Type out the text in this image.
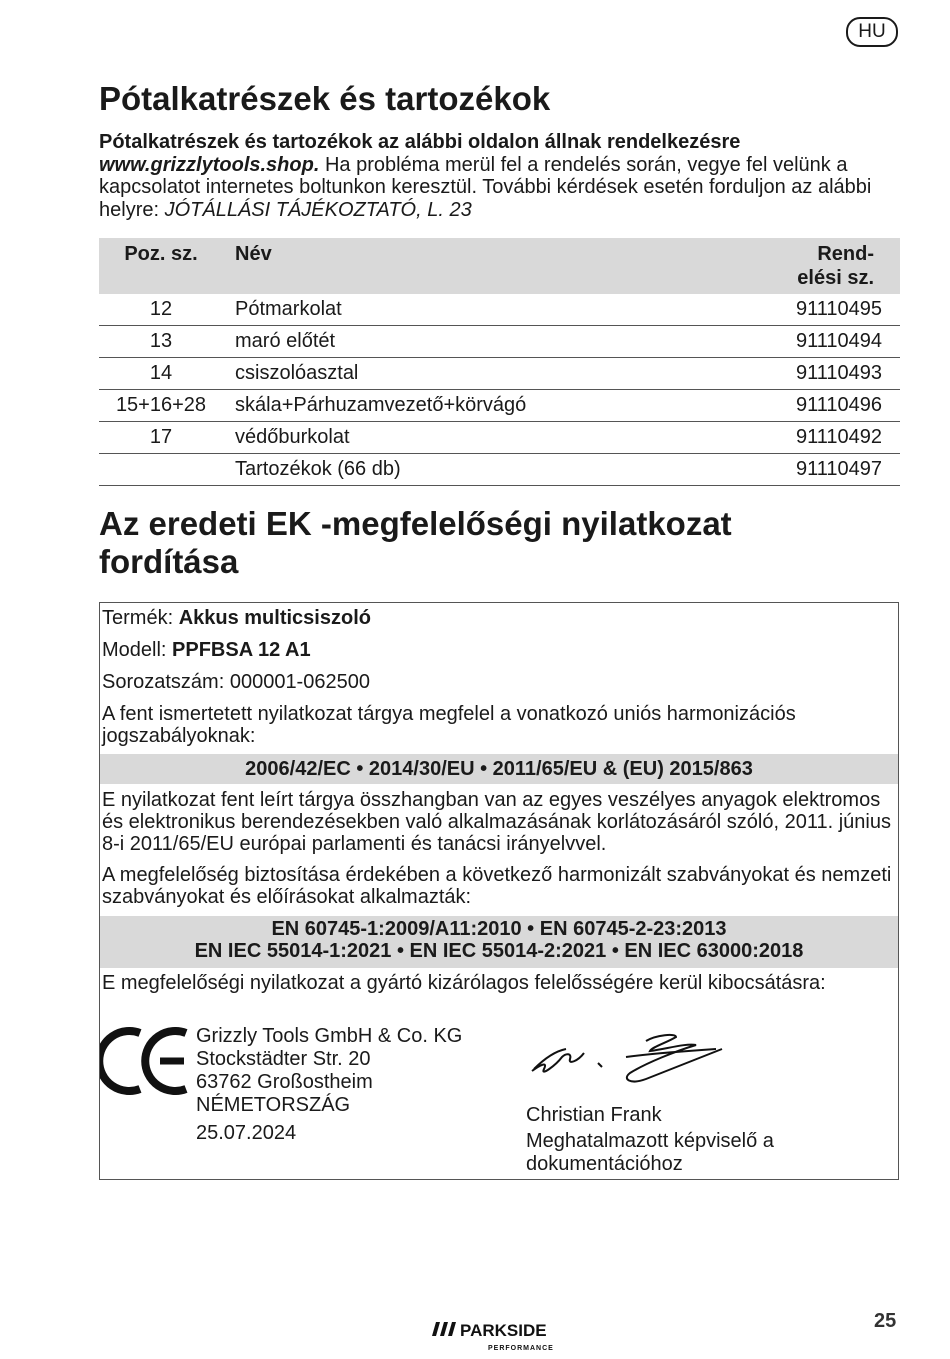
HU
Pótalkatrészek és tartozékok
Pótalkatrészek és tartozékok az alábbi oldalon állnak rendelkezésre
www.grizzlytools.shop. Ha probléma merül fel a rendelés során, vegye fel velünk a kapcsolatot internetes boltunkon keresztül. További kérdések esetén forduljon az alábbi helyre: JÓTÁLLÁSI TÁJÉKOZTATÓ, L. 23
Poz. sz.	Név	Rend-
elési sz.
12	Pótmarkolat	91110495
13	maró előtét	91110494
14	csiszolóasztal	91110493
15+16+28	skála+Párhuzamvezető+körvágó	91110496
17	védőburkolat	91110492
	Tartozékok (66 db)	91110497
Az eredeti EK -megfelelőségi nyilatkozat
fordítása
Termék: Akkus multicsiszoló
Modell: PPFBSA 12 A1
Sorozatszám: 000001-062500
A fent ismertetett nyilatkozat tárgya megfelel a vonatkozó uniós harmonizációs jogszabályoknak:
2006/42/EC • 2014/30/EU • 2011/65/EU & (EU) 2015/863
E nyilatkozat fent leírt tárgya összhangban van az egyes veszélyes anyagok elektromos és elektronikus berendezésekben való alkalmazásának korlátozásáról szóló, 2011. június 8-i 2011/65/EU európai parlamenti és tanácsi irányelvvel.
A megfelelőség biztosítása érdekében a következő harmonizált szabványokat és nemzeti szabványokat és előírásokat alkalmazták:
EN 60745-1:2009/A11:2010 • EN 60745-2-23:2013
EN IEC 55014-1:2021 • EN IEC 55014-2:2021 • EN IEC 63000:2018
E megfelelőségi nyilatkozat a gyártó kizárólagos felelősségére kerül kibocsátásra:
Grizzly Tools GmbH & Co. KG
Stockstädter Str. 20
63762 Großostheim
NÉMETORSZÁG
25.07.2024
Christian Frank
Meghatalmazott képviselő a dokumentációhoz
PARKSIDE
PERFORMANCE
25
